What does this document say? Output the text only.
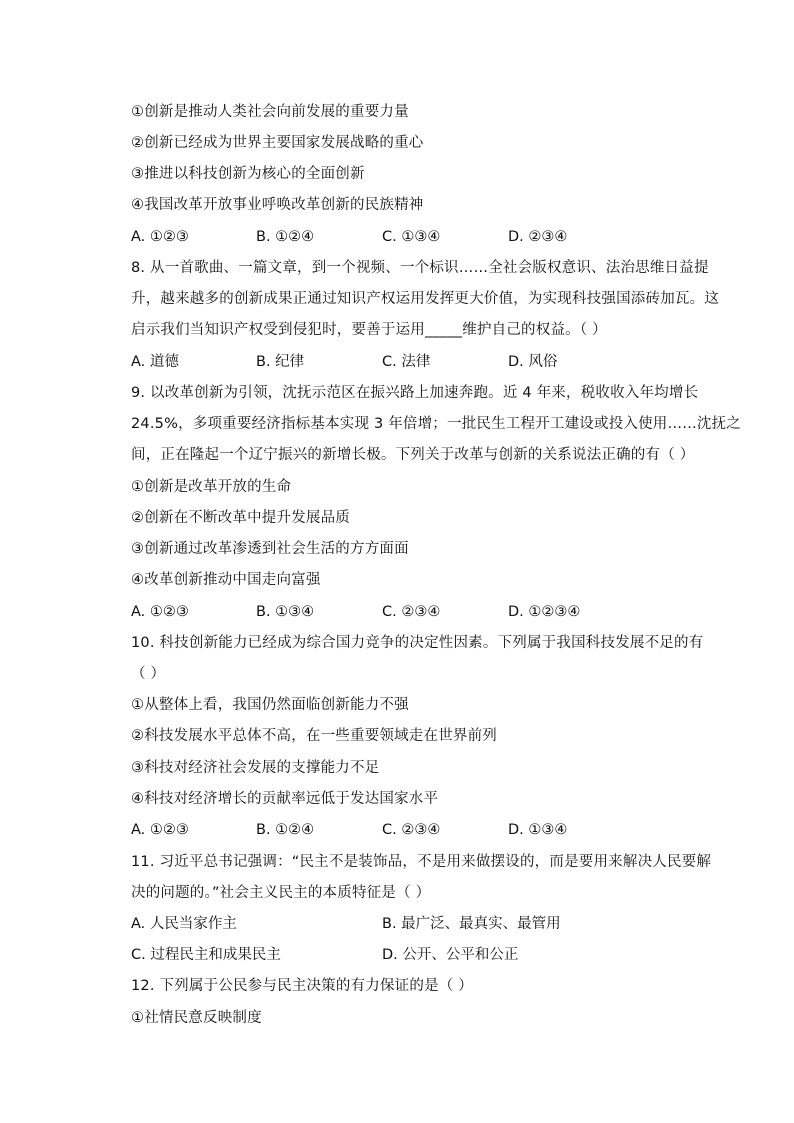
①创新是推动人类社会向前发展的重要力量
②创新已经成为世界主要国家发展战略的重心
③推进以科技创新为核心的全面创新
④我国改革开放事业呼唤改革创新的民族精神
A. ①②③	B. ①②④	C. ①③④	D. ②③④
8. 从一首歌曲、一篇文章，到一个视频、一个标识……全社会版权意识、法治思维日益提
升，越来越多的创新成果正通过知识产权运用发挥更大价值，为实现科技强国添砖加瓦。这
启示我们当知识产权受到侵犯时，要善于运用_____维护自己的权益。（ ）
A. 道德	B. 纪律	C. 法律	D. 风俗
9. 以改革创新为引领，沈抚示范区在振兴路上加速奔跑。近 4 年来，税收收入年均增长
24.5%，多项重要经济指标基本实现 3 年倍增；一批民生工程开工建设或投入使用……沈抚之
间，正在隆起一个辽宁振兴的新增长极。下列关于改革与创新的关系说法正确的有（ ）
①创新是改革开放的生命
②创新在不断改革中提升发展品质
③创新通过改革渗透到社会生活的方方面面
④改革创新推动中国走向富强
A. ①②③	B. ①③④	C. ②③④	D. ①②③④
10. 科技创新能力已经成为综合国力竞争的决定性因素。下列属于我国科技发展不足的有
（ ）
①从整体上看，我国仍然面临创新能力不强
②科技发展水平总体不高，在一些重要领域走在世界前列
③科技对经济社会发展的支撑能力不足
④科技对经济增长的贡献率远低于发达国家水平
A. ①②③	B. ①②④	C. ②③④	D. ①③④
11. 习近平总书记强调：“民主不是装饰品，不是用来做摆设的，而是要用来解决人民要解
决的问题的。”社会主义民主的本质特征是（ ）
A. 人民当家作主	B. 最广泛、最真实、最管用
C. 过程民主和成果民主	D. 公开、公平和公正
12. 下列属于公民参与民主决策的有力保证的是（ ）
①社情民意反映制度
